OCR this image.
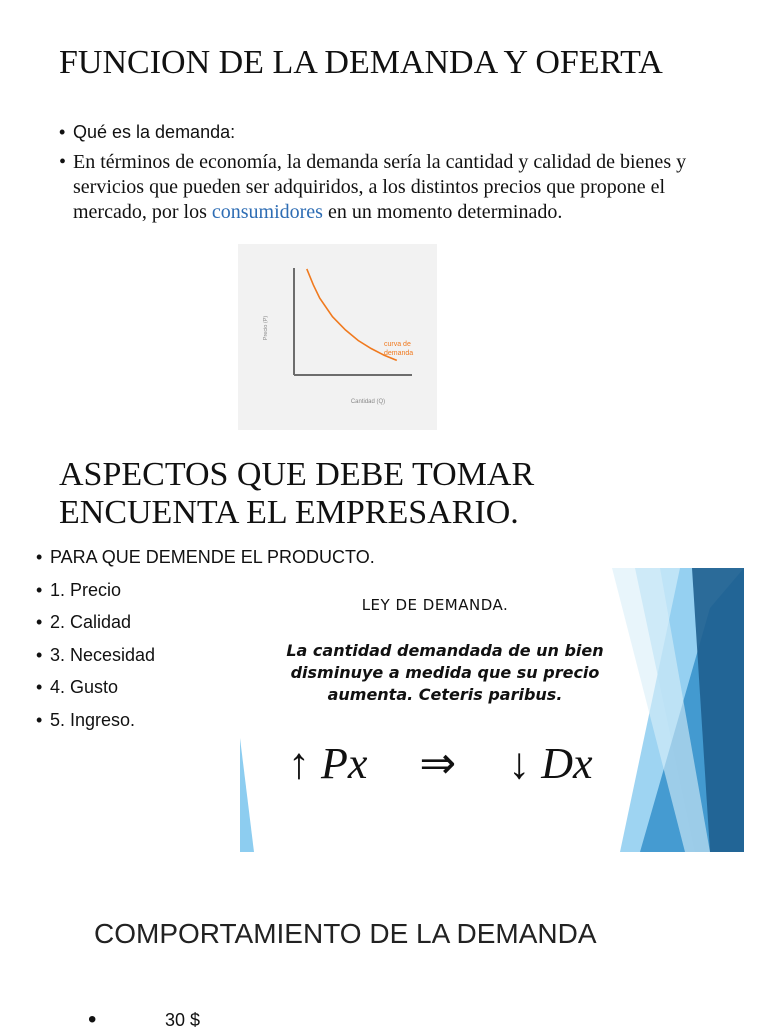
FUNCION DE LA DEMANDA Y OFERTA
• Qué es la demanda:
• En términos de economía, la demanda sería la cantidad y calidad de bienes y servicios que pueden ser adquiridos, a los distintos precios que propone el mercado, por los consumidores en un momento determinado.
Precio (P)
Cantidad (Q)
curva de
demanda
ASPECTOS QUE DEBE TOMAR ENCUENTA EL EMPRESARIO.
• PARA QUE DEMENDE EL PRODUCTO.
• 1. Precio
• 2. Calidad
• 3. Necesidad
• 4. Gusto
• 5. Ingreso.
LEY DE DEMANDA.
La cantidad demandada de un bien disminuye a medida que su precio aumenta. Ceteris paribus.
↑ Px ⇒ ↓ Dx
COMPORTAMIENTO DE LA DEMANDA
•	30 $
